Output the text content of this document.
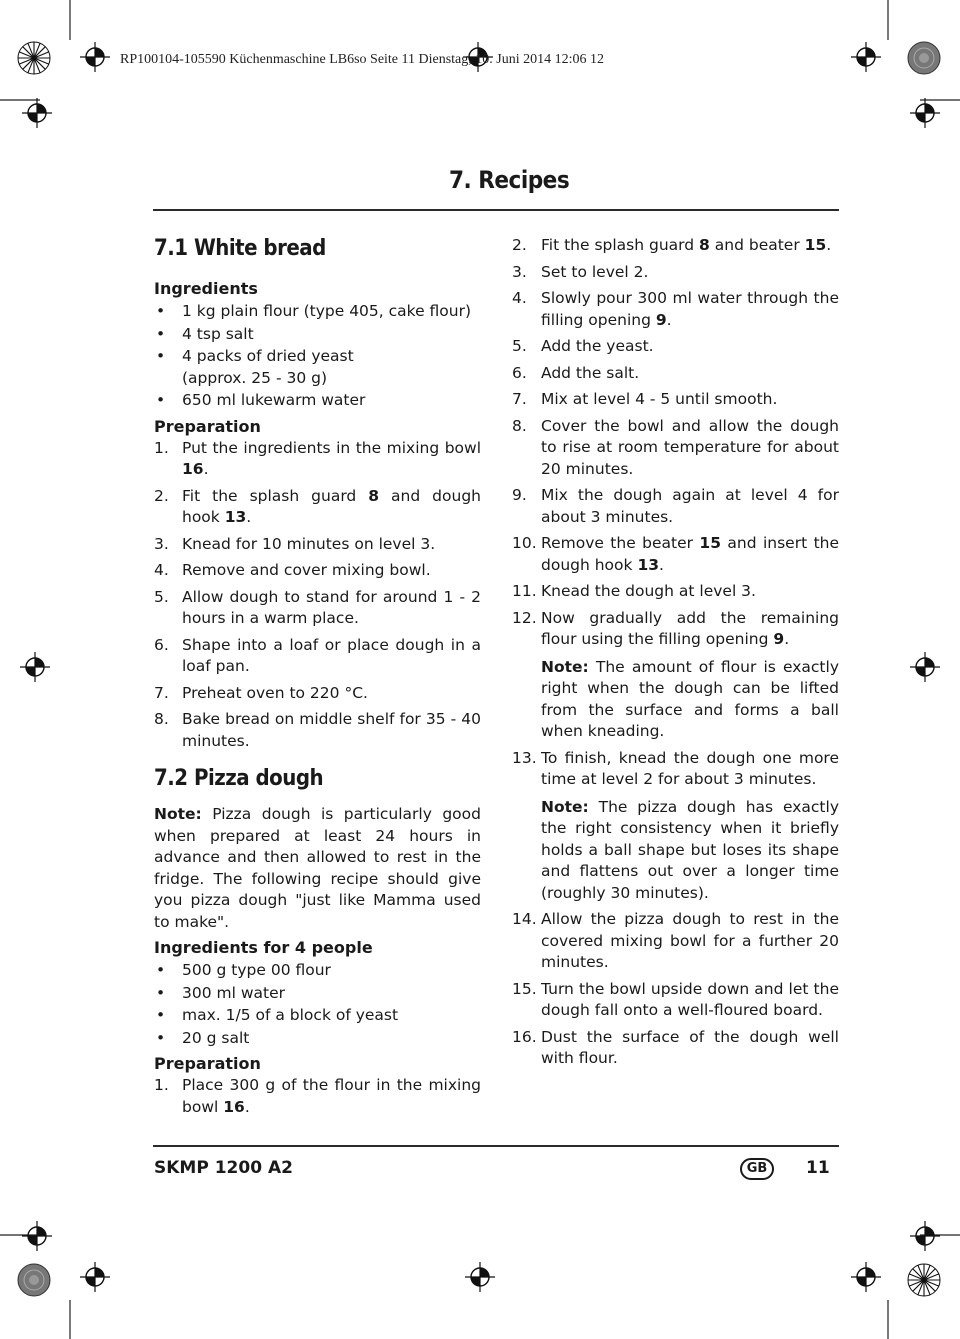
RP100104-105590 Küchenmaschine LB6so Seite 11 Dienstag, 10. Juni 2014 12:06 12
7. Recipes
7.1 White bread
Ingredients
• 1 kg plain flour (type 405, cake flour)
• 4 tsp salt
• 4 packs of dried yeast (approx. 25 - 30 g)
• 650 ml lukewarm water
Preparation
1. Put the ingredients in the mixing bowl 16.
2. Fit the splash guard 8 and dough hook 13.
3. Knead for 10 minutes on level 3.
4. Remove and cover mixing bowl.
5. Allow dough to stand for around 1 - 2 hours in a warm place.
6. Shape into a loaf or place dough in a loaf pan.
7. Preheat oven to 220 °C.
8. Bake bread on middle shelf for 35 - 40 minutes.
7.2 Pizza dough
Note: Pizza dough is particularly good when prepared at least 24 hours in advance and then allowed to rest in the fridge. The following recipe should give you pizza dough "just like Mamma used to make".
Ingredients for 4 people
• 500 g type 00 flour
• 300 ml water
• max. 1/5 of a block of yeast
• 20 g salt
Preparation
1. Place 300 g of the flour in the mixing bowl 16.
2. Fit the splash guard 8 and beater 15.
3. Set to level 2.
4. Slowly pour 300 ml water through the filling opening 9.
5. Add the yeast.
6. Add the salt.
7. Mix at level 4 - 5 until smooth.
8. Cover the bowl and allow the dough to rise at room temperature for about 20 minutes.
9. Mix the dough again at level 4 for about 3 minutes.
10. Remove the beater 15 and insert the dough hook 13.
11. Knead the dough at level 3.
12. Now gradually add the remaining flour using the filling opening 9.
Note: The amount of flour is exactly right when the dough can be lifted from the surface and forms a ball when kneading.
13. To finish, knead the dough one more time at level 2 for about 3 minutes.
Note: The pizza dough has exactly the right consistency when it briefly holds a ball shape but loses its shape and flattens out over a longer time (roughly 30 minutes).
14. Allow the pizza dough to rest in the covered mixing bowl for a further 20 minutes.
15. Turn the bowl upside down and let the dough fall onto a well-floured board.
16. Dust the surface of the dough well with flour.
SKMP 1200 A2	GB	11
